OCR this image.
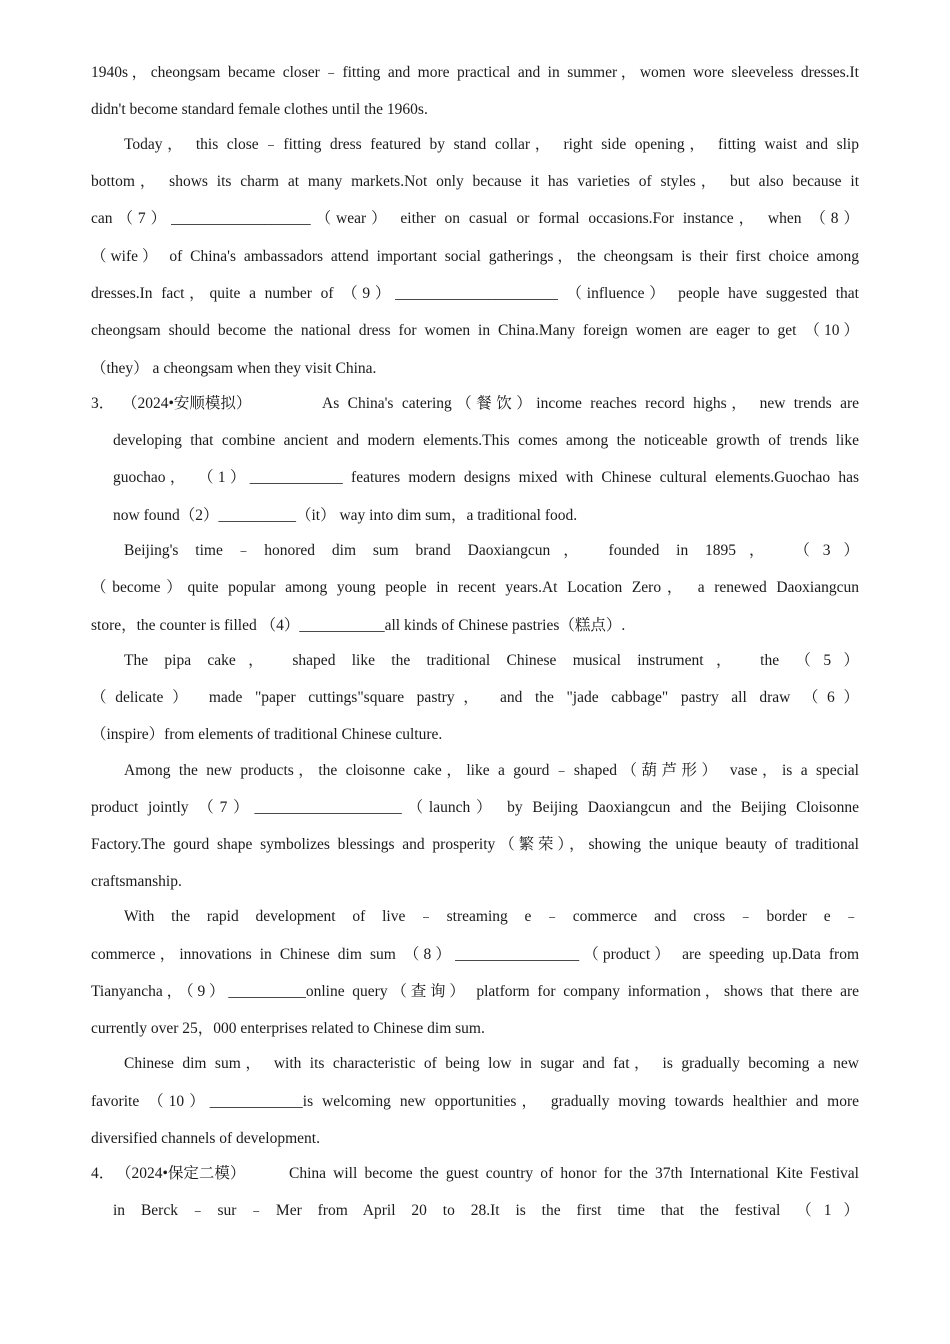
1940s，cheongsam became closer﹣fitting and more practical and in summer，women wore sleeveless dresses.It
didn't become standard female clothes until the 1960s.
Today， this close﹣fitting dress featured by stand collar， right side opening， fitting waist and slip
bottom， shows its charm at many markets.Not only because it has varieties of styles， but also because it
can（7）__________________（wear） either on casual or formal occasions.For instance， when （8）
（wife） of China's ambassadors attend important social gatherings，the cheongsam is their first choice among
dresses.In fact，quite a number of （9）_____________________ （influence） people have suggested that
cheongsam should become the national dress for women in China.Many foreign women are eager to get （10）
（they） a cheongsam when they visit China.
3． （2024•安顺模拟）	As China's catering（餐饮）income reaches record highs， new trends are
developing that combine ancient and modern elements.This comes among the noticeable growth of trends like
guochao， （1）____________ features modern designs mixed with Chinese cultural elements.Guochao has
now found（2）__________（it） way into dim sum，a traditional food.
Beijing's time﹣honored dim sum brand Daoxiangcun， founded in 1895， （3）
（become）quite popular among young people in recent years.At Location Zero， a renewed Daoxiangcun
store，the counter is filled （4）___________all kinds of Chinese pastries（糕点）.
The pipa cake， shaped like the traditional Chinese musical instrument， the （5）
（delicate） made "paper cuttings"square pastry， and the "jade cabbage" pastry all draw （6）
（inspire）from elements of traditional Chinese culture.
Among the new products，the cloisonne cake，like a gourd﹣shaped（葫芦形） vase，is a special
product jointly （7）___________________（launch） by Beijing Daoxiangcun and the Beijing Cloisonne
Factory.The gourd shape symbolizes blessings and prosperity（繁荣），showing the unique beauty of traditional
craftsmanship.
With the rapid development of live﹣streaming e﹣commerce and cross﹣border e﹣
commerce，innovations in Chinese dim sum （8）________________（product） are speeding up.Data from
Tianyancha，（9）__________online query（查询） platform for company information，shows that there are
currently over 25，000 enterprises related to Chinese dim sum.
Chinese dim sum， with its characteristic of being low in sugar and fat， is gradually becoming a new
favorite （10）____________is welcoming new opportunities， gradually moving towards healthier and more
diversified channels of development.
4． （2024•保定二模）	China will become the guest country of honor for the 37th International Kite Festival
in Berck﹣sur﹣Mer from April 20 to 28.It is the first time that the festival （1）
